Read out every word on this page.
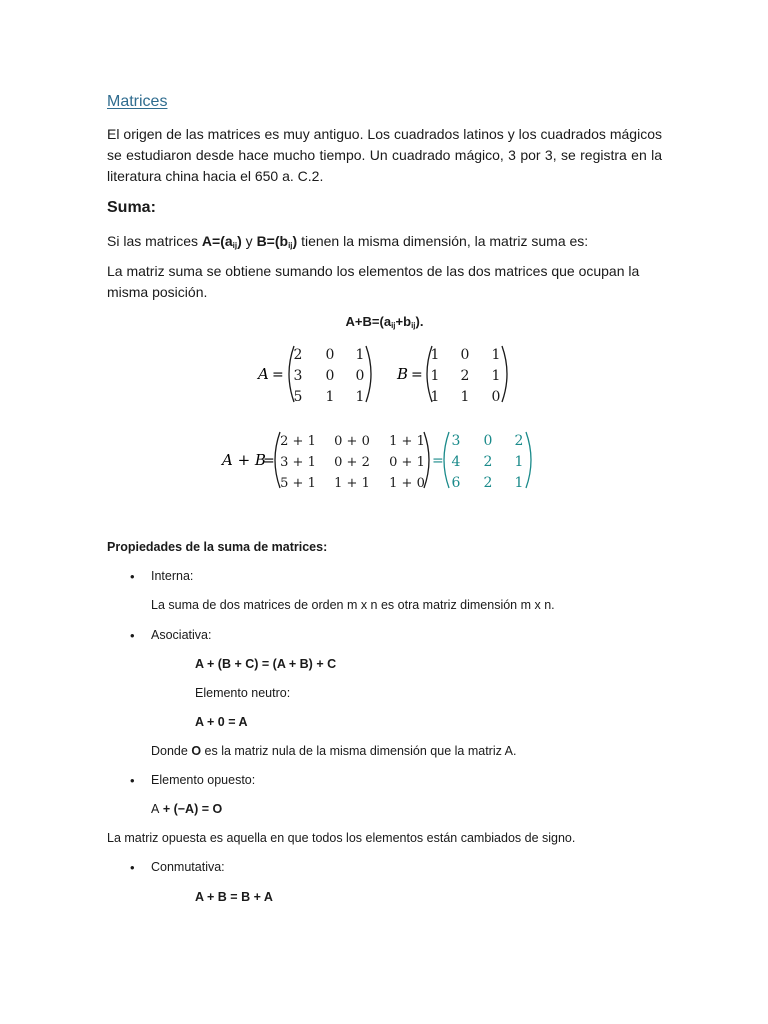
Matrices
El origen de las matrices es muy antiguo. Los cuadrados latinos y los cuadrados mágicos se estudiaron desde hace mucho tiempo. Un cuadrado mágico, 3 por 3, se registra en la literatura china hacia el 650 a. C.2.
Suma:
Si las matrices $A=(a_{ij})$ y $B=(b_{ij})$ tienen la misma dimensión, la matriz suma es:
La matriz suma se obtiene sumando los elementos de las dos matrices que ocupan la misma posición.
$A+B=(a_{ij}+b_{ij})$.
A =
2 0 1
3 0 0
5 1 1
B =
1 0 1
1 2 1
1 1 0
A + B
=
2 + 1 0 + 0 1 + 1
3 + 1 0 + 2 0 + 1
5 + 1 1 + 1 1 + 0
=
3 0 2
4 2 1
6 2 1
Propiedades de la suma de matrices:
• Interna:
La suma de dos matrices de orden m x n es otra matriz dimensión m x n.
• Asociativa:
A + (B + C) = (A + B) + C
Elemento neutro:
A + 0 = A
Donde O es la matriz nula de la misma dimensión que la matriz A.
• Elemento opuesto:
A + (−A) = O
La matriz opuesta es aquella en que todos los elementos están cambiados de signo.
• Conmutativa:
A + B = B + A
